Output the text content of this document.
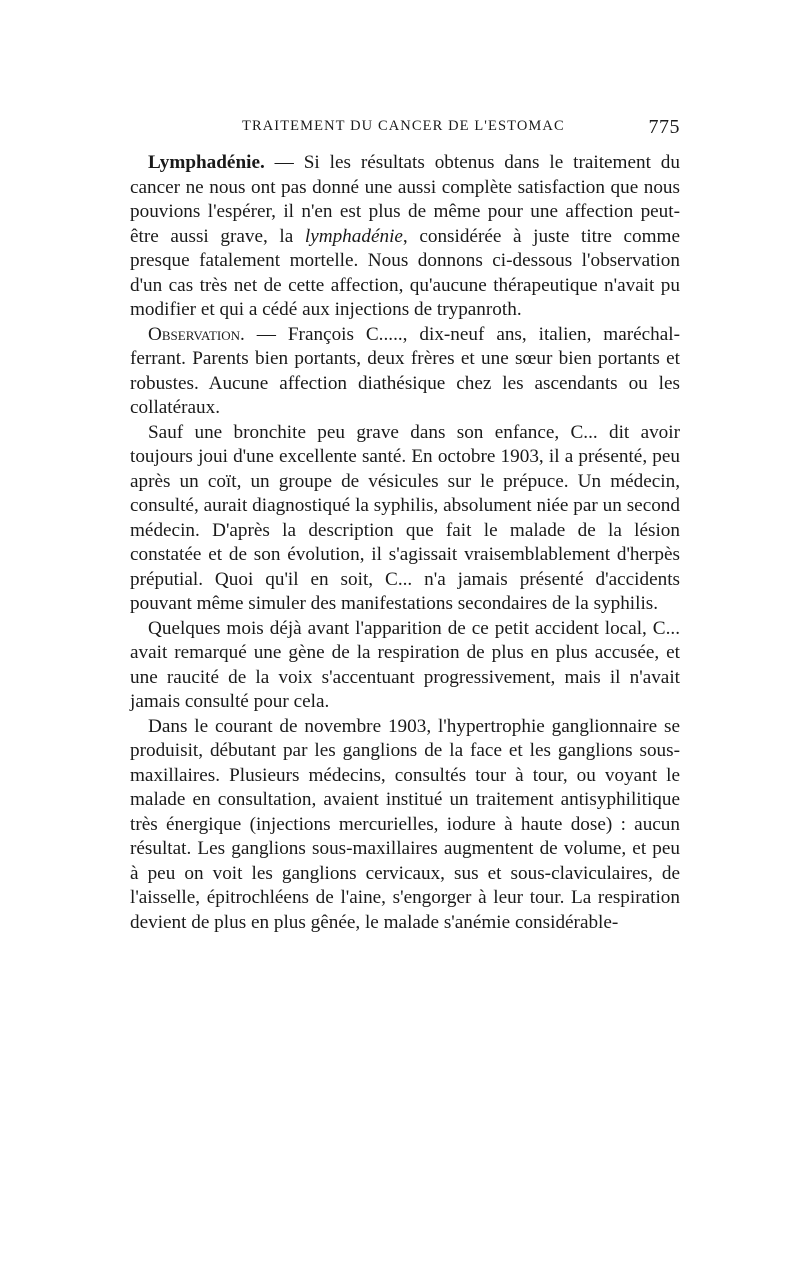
TRAITEMENT DU CANCER DE L'ESTOMAC	775

Lymphadénie. — Si les résultats obtenus dans le traitement du cancer ne nous ont pas donné une aussi complète satisfaction que nous pouvions l'espérer, il n'en est plus de même pour une affection peut-être aussi grave, la lymphadénie, considérée à juste titre comme presque fatalement mortelle. Nous donnons ci-dessous l'observation d'un cas très net de cette affection, qu'aucune thérapeutique n'avait pu modifier et qui a cédé aux injections de trypanroth.

Observation. — François C....., dix-neuf ans, italien, maréchal-ferrant. Parents bien portants, deux frères et une sœur bien portants et robustes. Aucune affection diathésique chez les ascendants ou les collatéraux.

Sauf une bronchite peu grave dans son enfance, C... dit avoir toujours joui d'une excellente santé. En octobre 1903, il a présenté, peu après un coït, un groupe de vésicules sur le prépuce. Un médecin, consulté, aurait diagnostiqué la syphilis, absolument niée par un second médecin. D'après la description que fait le malade de la lésion constatée et de son évolution, il s'agissait vraisemblablement d'herpès préputial. Quoi qu'il en soit, C... n'a jamais présenté d'accidents pouvant même simuler des manifestations secondaires de la syphilis.

Quelques mois déjà avant l'apparition de ce petit accident local, C... avait remarqué une gène de la respiration de plus en plus accusée, et une raucité de la voix s'accentuant progressivement, mais il n'avait jamais consulté pour cela.

Dans le courant de novembre 1903, l'hypertrophie ganglionnaire se produisit, débutant par les ganglions de la face et les ganglions sous-maxillaires. Plusieurs médecins, consultés tour à tour, ou voyant le malade en consultation, avaient institué un traitement antisyphilitique très énergique (injections mercurielles, iodure à haute dose) : aucun résultat. Les ganglions sous-maxillaires augmentent de volume, et peu à peu on voit les ganglions cervicaux, sus et sous-claviculaires, de l'aisselle, épitrochléens de l'aine, s'engorger à leur tour. La respiration devient de plus en plus gênée, le malade s'anémie considérable-
